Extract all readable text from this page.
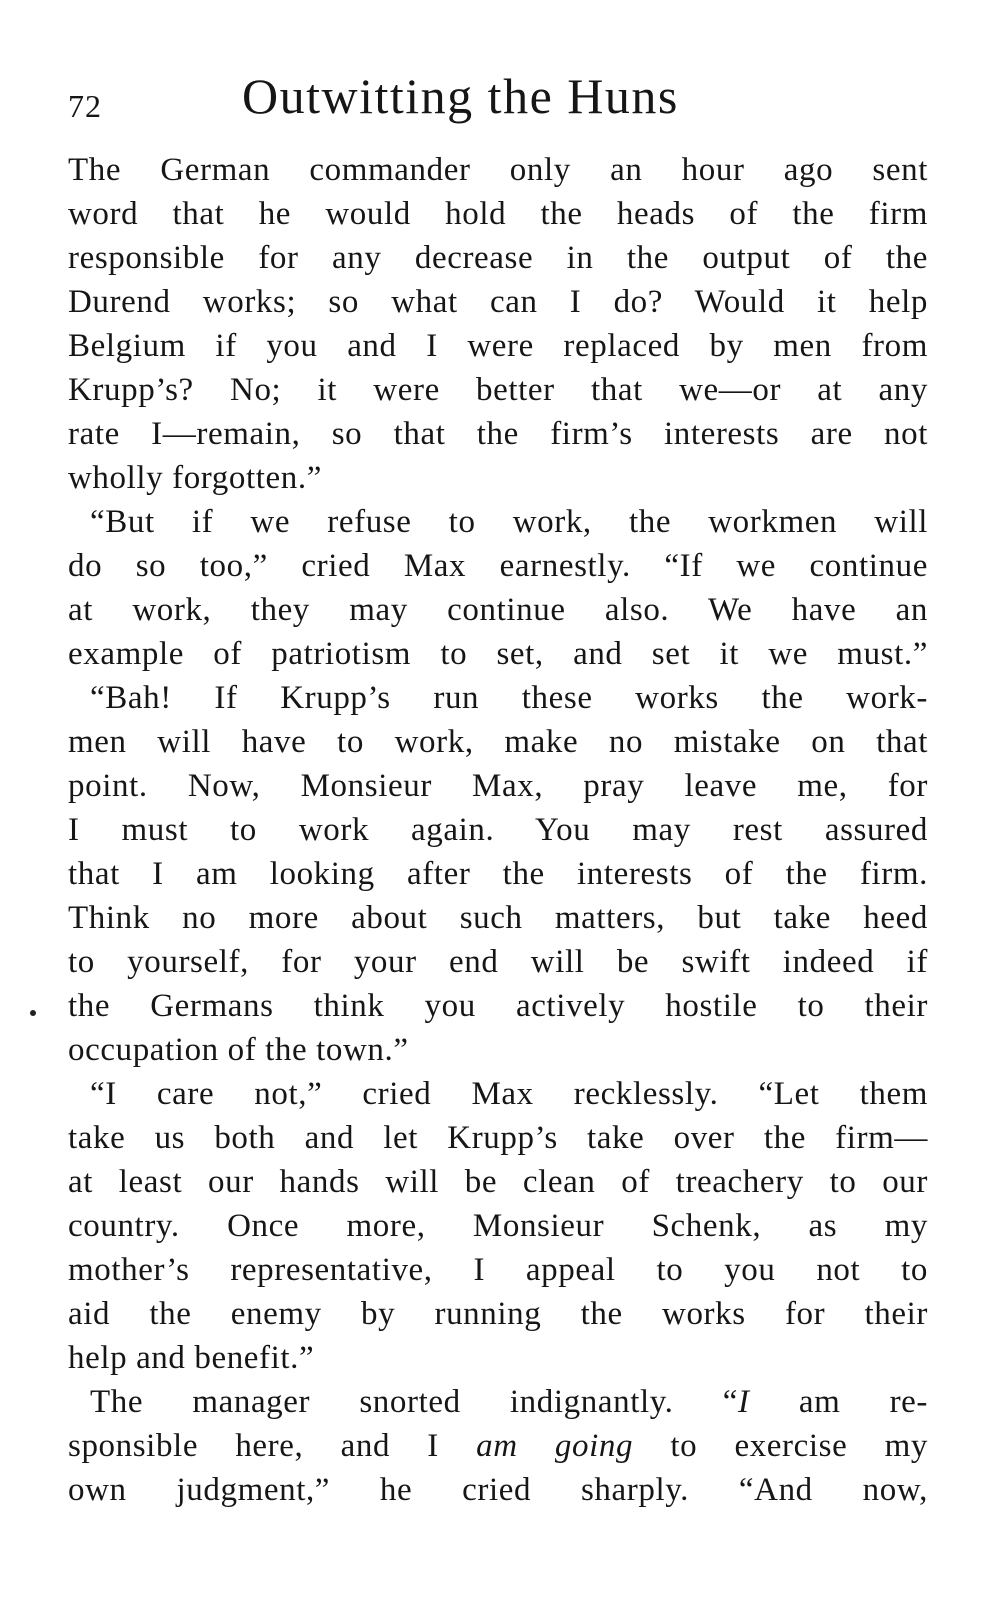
72	Outwitting the Huns
The German commander only an hour ago sent
word that he would hold the heads of the firm
responsible for any decrease in the output of the
Durend works; so what can I do? Would it help
Belgium if you and I were replaced by men from
Krupp’s? No; it were better that we—or at any
rate I—remain, so that the firm’s interests are not
wholly forgotten.”
“But if we refuse to work, the workmen will
do so too,” cried Max earnestly. “If we continue
at work, they may continue also. We have an
example of patriotism to set, and set it we must.”
“Bah! If Krupp’s run these works the work-
men will have to work, make no mistake on that
point. Now, Monsieur Max, pray leave me, for
I must to work again. You may rest assured
that I am looking after the interests of the firm.
Think no more about such matters, but take heed
to yourself, for your end will be swift indeed if
the Germans think you actively hostile to their
occupation of the town.”
“I care not,” cried Max recklessly. “Let them
take us both and let Krupp’s take over the firm—
at least our hands will be clean of treachery to our
country. Once more, Monsieur Schenk, as my
mother’s representative, I appeal to you not to
aid the enemy by running the works for their
help and benefit.”
The manager snorted indignantly. “I am re-
sponsible here, and I am going to exercise my
own judgment,” he cried sharply. “And now,
